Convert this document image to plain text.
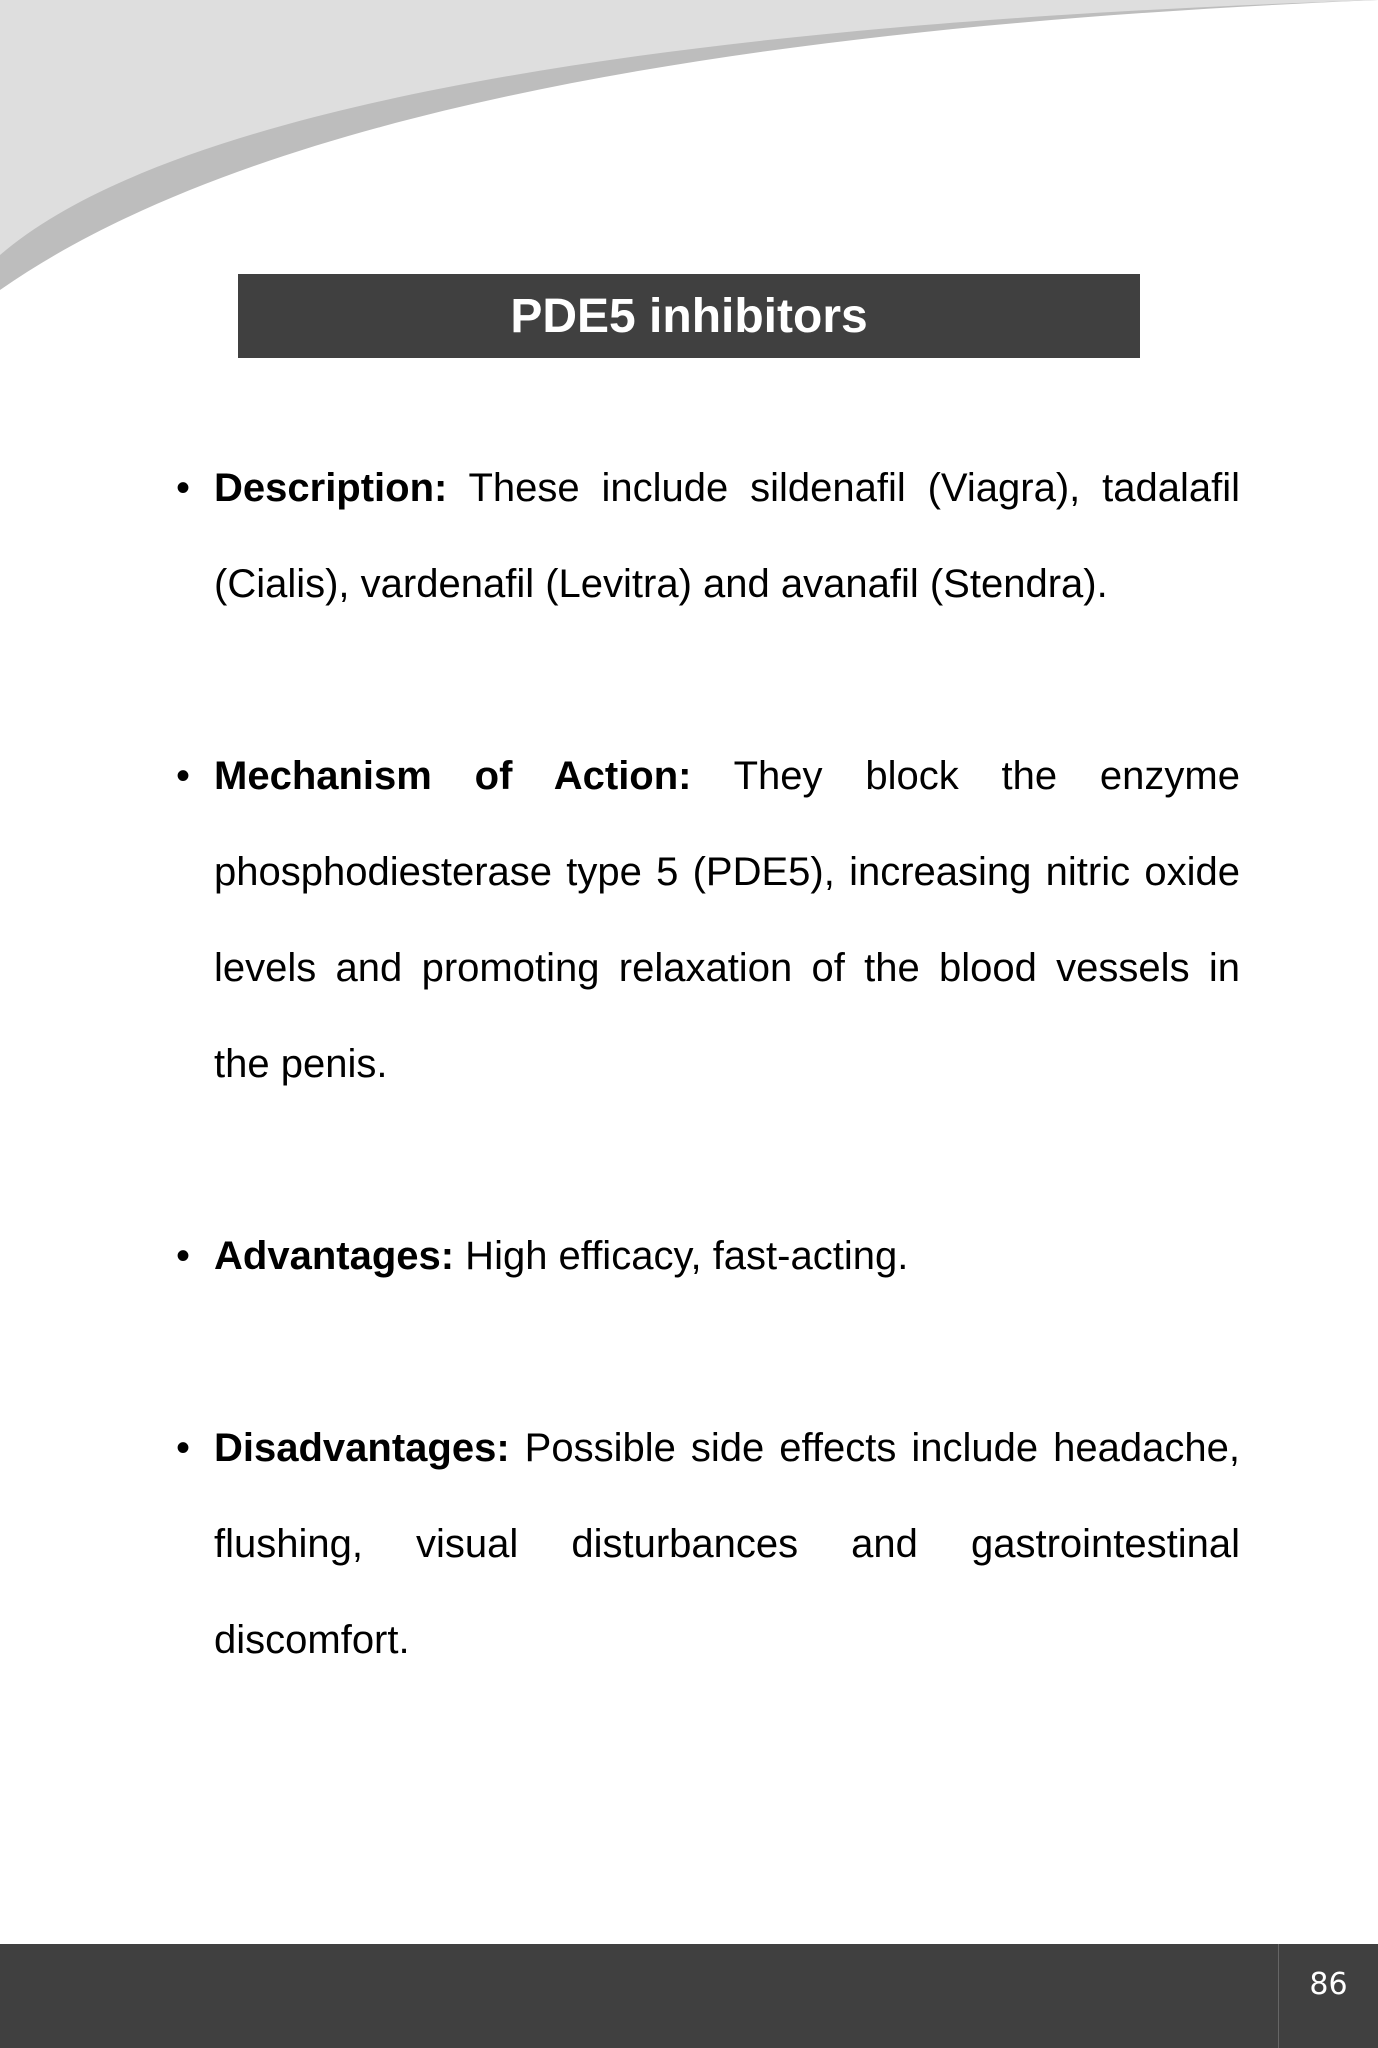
PDE5 inhibitors
• Description: These include sildenafil (Viagra), tadalafil (Cialis), vardenafil (Levitra) and avanafil (Stendra).
• Mechanism of Action: They block the enzyme phosphodiesterase type 5 (PDE5), increasing nitric oxide levels and promoting relaxation of the blood vessels in the penis.
• Advantages: High efficacy, fast-acting.
• Disadvantages: Possible side effects include headache, flushing, visual disturbances and gastrointestinal discomfort.
86
